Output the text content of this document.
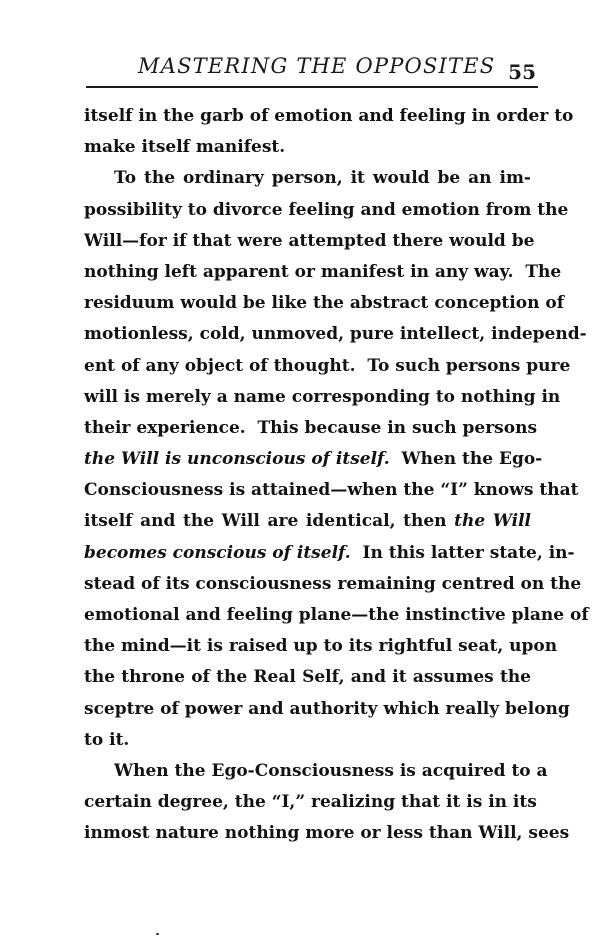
MASTERING THE OPPOSITES 55
itself in the garb of emotion and feeling in order to
make itself manifest.
To the ordinary person, it would be an im-
possibility to divorce feeling and emotion from the
Will—for if that were attempted there would be
nothing left apparent or manifest in any way.  The
residuum would be like the abstract conception of
motionless, cold, unmoved, pure intellect, independ-
ent of any object of thought.  To such persons pure
will is merely a name corresponding to nothing in
their experience.  This because in such persons
the Will is unconscious of itself.  When the Ego-
Consciousness is attained—when the “I” knows that
itself and the Will are identical, then the Will
becomes conscious of itself.  In this latter state, in-
stead of its consciousness remaining centred on the
emotional and feeling plane—the instinctive plane of
the mind—it is raised up to its rightful seat, upon
the throne of the Real Self, and it assumes the
sceptre of power and authority which really belong
to it.
When the Ego-Consciousness is acquired to a
certain degree, the “I,” realizing that it is in its
inmost nature nothing more or less than Will, sees
